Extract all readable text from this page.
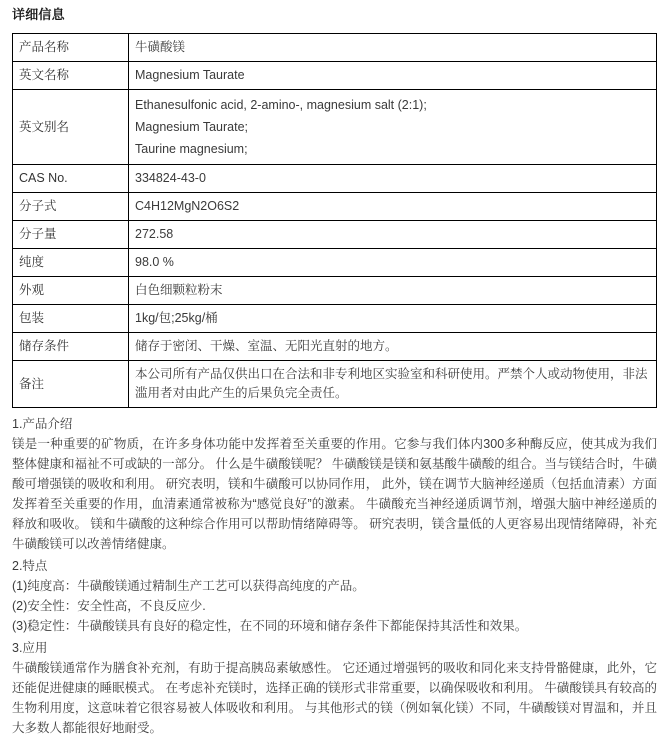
详细信息
产品名称	牛磺酸镁
英文名称	Magnesium Taurate
英文别名	Ethanesulfonic acid, 2-amino-, magnesium salt (2:1);
Magnesium Taurate;
Taurine magnesium;

CAS No.	334824-43-0
分子式	C4H12MgN2O6S2
分子量	272.58
纯度	98.0 %
外观	白色细颗粒粉末
包装	1kg/包;25kg/桶
储存条件	储存于密闭、干燥、室温、无阳光直射的地方。
备注	本公司所有产品仅供出口在合法和非专利地区实验室和科研使用。严禁个人或动物使用，非法滥用者对由此产生的后果负完全责任。

1.产品介绍

镁是一种重要的矿物质，在许多身体功能中发挥着至关重要的作用。它参与我们体内300多种酶反应，使其成为我们整体健康和福祉不可或缺的一部分。 什么是牛磺酸镁呢？ 牛磺酸镁是镁和氨基酸牛磺酸的组合。当与镁结合时，牛磺酸可增强镁的吸收和利用。 研究表明，镁和牛磺酸可以协同作用， 此外，镁在调节大脑神经递质（包括血清素）方面发挥着至关重要的作用，血清素通常被称为“感觉良好”的激素。 牛磺酸充当神经递质调节剂，增强大脑中神经递质的释放和吸收。 镁和牛磺酸的这种综合作用可以帮助情绪障碍等。 研究表明，镁含量低的人更容易出现情绪障碍，补充牛磺酸镁可以改善情绪健康。

2.特点

(1)纯度高：牛磺酸镁通过精制生产工艺可以获得高纯度的产品。

(2)安全性：安全性高，不良反应少.

(3)稳定性：牛磺酸镁具有良好的稳定性，在不同的环境和储存条件下都能保持其活性和效果。

3.应用

牛磺酸镁通常作为膳食补充剂，有助于提高胰岛素敏感性。 它还通过增强钙的吸收和同化来支持骨骼健康，此外，它还能促进健康的睡眠模式。 在考虑补充镁时，选择正确的镁形式非常重要，以确保吸收和利用。 牛磺酸镁具有较高的生物利用度，这意味着它很容易被人体吸收和利用。 与其他形式的镁（例如氧化镁）不同，牛磺酸镁对胃温和，并且大多数人都能很好地耐受。
